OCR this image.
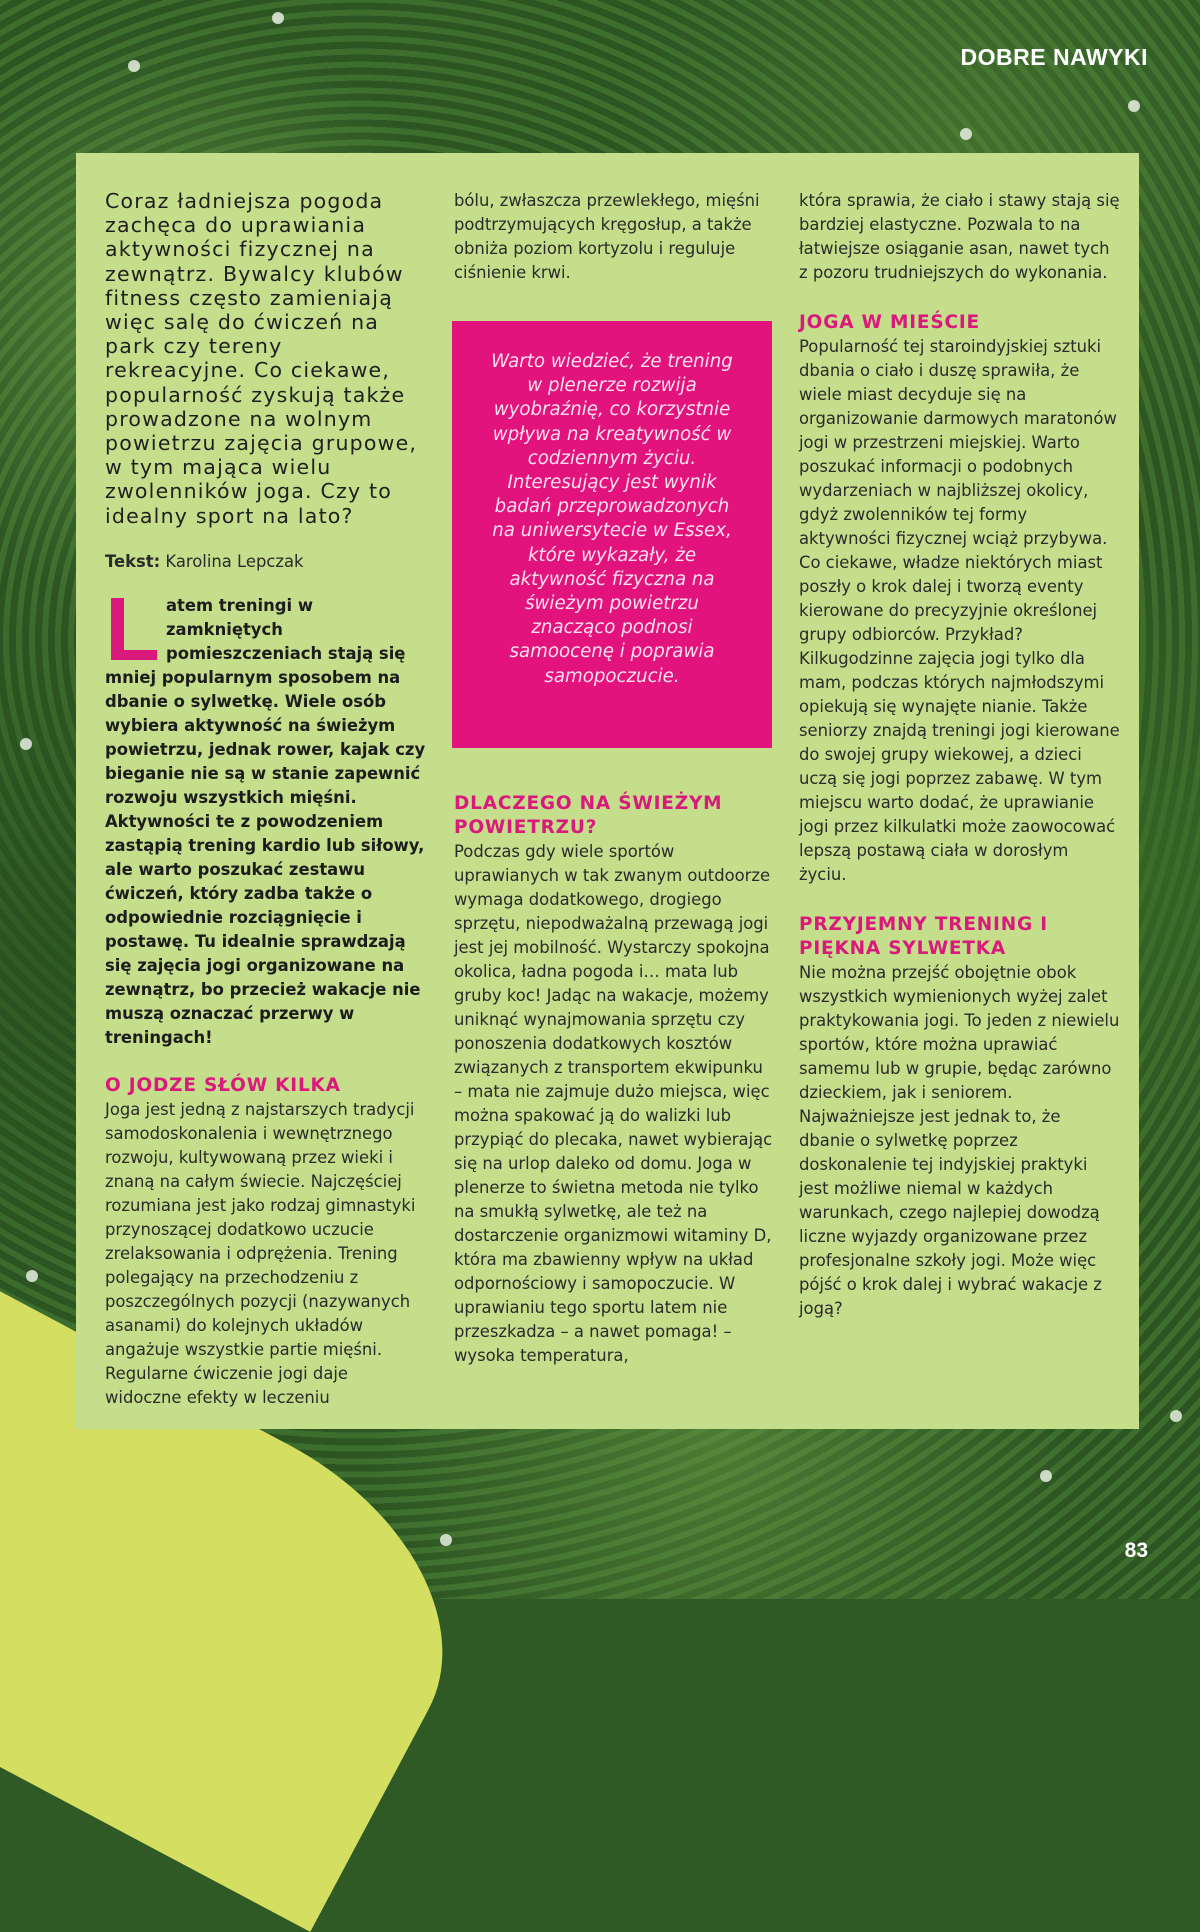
DOBRE NAWYKI

Coraz ładniejsza pogoda zachęca do uprawiania aktywności fizycznej na zewnątrz. Bywalcy klubów fitness często zamieniają więc salę do ćwiczeń na park czy tereny rekreacyjne. Co ciekawe, popularność zyskują także prowadzone na wolnym powietrzu zajęcia grupowe, w tym mająca wielu zwolenników joga. Czy to idealny sport na lato?

Tekst: Karolina Lepczak

Latem treningi w zamkniętych pomieszczeniach stają się mniej popularnym sposobem na dbanie o sylwetkę. Wiele osób wybiera aktywność na świeżym powietrzu, jednak rower, kajak czy bieganie nie są w stanie zapewnić rozwoju wszystkich mięśni. Aktywności te z powodzeniem zastąpią trening kardio lub siłowy, ale warto poszukać zestawu ćwiczeń, który zadba także o odpowiednie rozciągnięcie i postawę. Tu idealnie sprawdzają się zajęcia jogi organizowane na zewnątrz, bo przecież wakacje nie muszą oznaczać przerwy w treningach!

O JODZE SŁÓW KILKA

Joga jest jedną z najstarszych tradycji samodoskonalenia i wewnętrznego rozwoju, kultywowaną przez wieki i znaną na całym świecie. Najczęściej rozumiana jest jako rodzaj gimnastyki przynoszącej dodatkowo uczucie zrelaksowania i odprężenia. Trening polegający na przechodzeniu z poszczególnych pozycji (nazywanych asanami) do kolejnych układów angażuje wszystkie partie mięśni. Regularne ćwiczenie jogi daje widoczne efekty w leczeniu

bólu, zwłaszcza przewlekłego, mięśni podtrzymujących kręgosłup, a także obniża poziom kortyzolu i reguluje ciśnienie krwi.

Warto wiedzieć, że trening w plenerze rozwija wyobraźnię, co korzystnie wpływa na kreatywność w codziennym życiu. Interesujący jest wynik badań przeprowadzonych na uniwersytecie w Essex, które wykazały, że aktywność fizyczna na świeżym powietrzu znacząco podnosi samoocenę i poprawia samopoczucie.
DLACZEGO NA ŚWIEŻYM POWIETRZU?

Podczas gdy wiele sportów uprawianych w tak zwanym outdoorze wymaga dodatkowego, drogiego sprzętu, niepodważalną przewagą jogi jest jej mobilność. Wystarczy spokojna okolica, ładna pogoda i… mata lub gruby koc! Jadąc na wakacje, możemy uniknąć wynajmowania sprzętu czy ponoszenia dodatkowych kosztów związanych z transportem ekwipunku – mata nie zajmuje dużo miejsca, więc można spakować ją do walizki lub przypiąć do plecaka, nawet wybierając się na urlop daleko od domu. Joga w plenerze to świetna metoda nie tylko na smukłą sylwetkę, ale też na dostarczenie organizmowi witaminy D, która ma zbawienny wpływ na układ odpornościowy i samopoczucie. W uprawianiu tego sportu latem nie przeszkadza – a nawet pomaga! – wysoka temperatura,

która sprawia, że ciało i stawy stają się bardziej elastyczne. Pozwala to na łatwiejsze osiąganie asan, nawet tych z pozoru trudniejszych do wykonania.

JOGA W MIEŚCIE

Popularność tej staroindyjskiej sztuki dbania o ciało i duszę sprawiła, że wiele miast decyduje się na organizowanie darmowych maratonów jogi w przestrzeni miejskiej. Warto poszukać informacji o podobnych wydarzeniach w najbliższej okolicy, gdyż zwolenników tej formy aktywności fizycznej wciąż przybywa. Co ciekawe, władze niektórych miast poszły o krok dalej i tworzą eventy kierowane do precyzyjnie określonej grupy odbiorców. Przykład? Kilkugodzinne zajęcia jogi tylko dla mam, podczas których najmłodszymi opiekują się wynajęte nianie. Także seniorzy znajdą treningi jogi kierowane do swojej grupy wiekowej, a dzieci uczą się jogi poprzez zabawę. W tym miejscu warto dodać, że uprawianie jogi przez kilkulatki może zaowocować lepszą postawą ciała w dorosłym życiu.

PRZYJEMNY TRENING I PIĘKNA SYLWETKA

Nie można przejść obojętnie obok wszystkich wymienionych wyżej zalet praktykowania jogi. To jeden z niewielu sportów, które można uprawiać samemu lub w grupie, będąc zarówno dzieckiem, jak i seniorem. Najważniejsze jest jednak to, że dbanie o sylwetkę poprzez doskonalenie tej indyjskiej praktyki jest możliwe niemal w każdych warunkach, czego najlepiej dowodzą liczne wyjazdy organizowane przez profesjonalne szkoły jogi. Może więc pójść o krok dalej i wybrać wakacje z jogą?

83
